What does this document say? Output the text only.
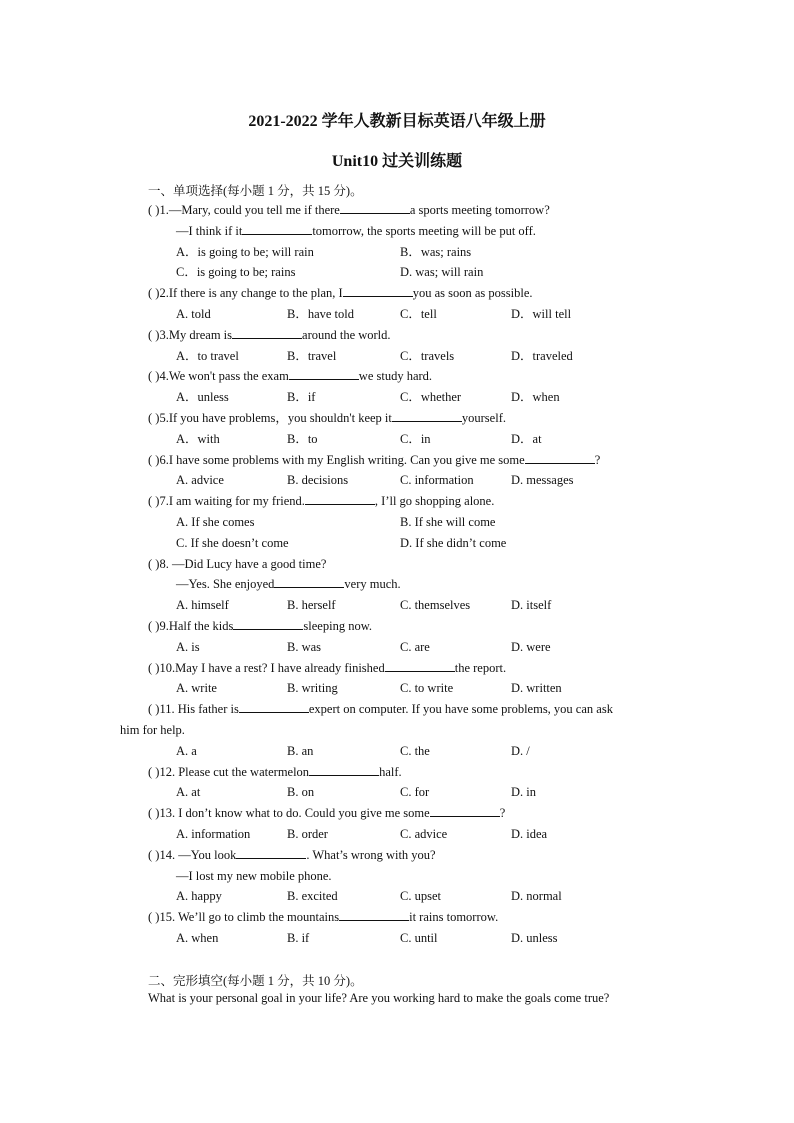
2021-2022 学年人教新目标英语八年级上册
Unit10 过关训练题
一、单项选择(每小题 1 分，共 15 分)。
( )1.—Mary, could you tell me if there	a sports meeting tomorrow?
—I think if it	tomorrow, the sports meeting will be put off.
A．is going to be; will rain	B．was; rains
C．is going to be; rains	D. was; will rain
( )2.If there is any change to the plan, I	you as soon as possible.
A. told	B．have told	C．tell	D．will tell
( )3.My dream is	around the world.
A．to travel	B．travel	C．travels	D．traveled
( )4.We won't pass the exam	we study hard.
A．unless	B．if	C．whether	D．when
( )5.If you have problems，you shouldn't keep it	yourself.
A．with	B．to	C．in	D．at
( )6.I have some problems with my English writing. Can you give me some	?
A. advice	B. decisions	C. information	D. messages
( )7.I am waiting for my friend.	, I’ll go shopping alone.
A. If she comes	B. If she will come
C. If she doesn’t come	D. If she didn’t come
( )8. —Did Lucy have a good time?
—Yes. She enjoyed	very much.
A. himself	B. herself	C. themselves	D. itself
( )9.Half the kids	sleeping now.
A. is	B. was	C. are	D. were
( )10.May I have a rest? I have already finished	the report.
A. write	B. writing	C. to write	D. written
( )11. His father is	expert on computer. If you have some problems, you can ask
him for help.
A. a	B. an	C. the	D. /
( )12. Please cut the watermelon	half.
A. at	B. on	C. for	D. in
( )13. I don’t know what to do. Could you give me some	?
A. information	B. order	C. advice	D. idea
( )14. —You look	. What’s wrong with you?
—I lost my new mobile phone.
A. happy	B. excited	C. upset	D. normal
( )15. We’ll go to climb the mountains	it rains tomorrow.
A. when	B. if	C. until	D. unless
二、完形填空(每小题 1 分，共 10 分)。
What is your personal goal in your life? Are you working hard to make the goals come true?
